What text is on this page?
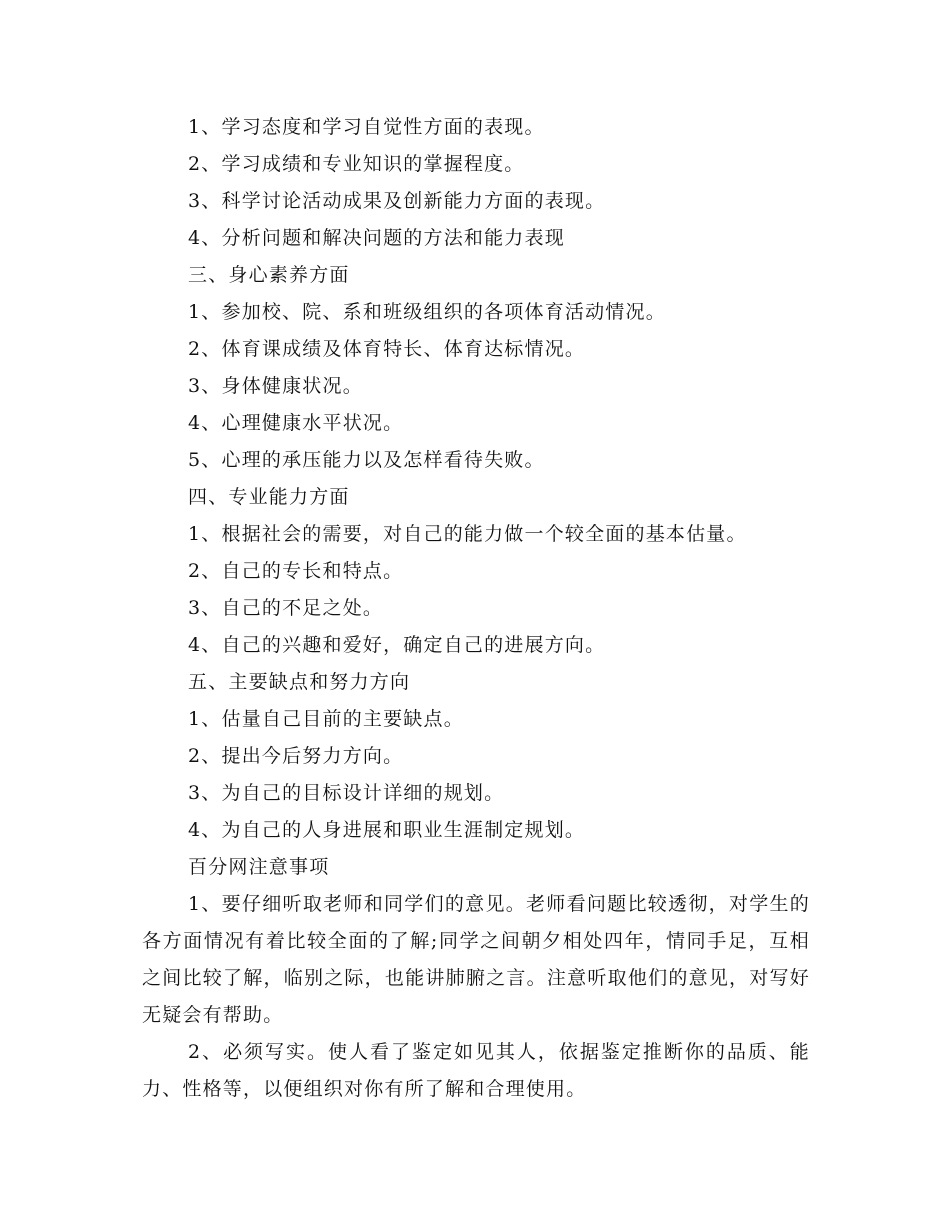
1、学习态度和学习自觉性方面的表现。
2、学习成绩和专业知识的掌握程度。
3、科学讨论活动成果及创新能力方面的表现。
4、分析问题和解决问题的方法和能力表现
三、身心素养方面
1、参加校、院、系和班级组织的各项体育活动情况。
2、体育课成绩及体育特长、体育达标情况。
3、身体健康状况。
4、心理健康水平状况。
5、心理的承压能力以及怎样看待失败。
四、专业能力方面
1、根据社会的需要，对自己的能力做一个较全面的基本估量。
2、自己的专长和特点。
3、自己的不足之处。
4、自己的兴趣和爱好，确定自己的进展方向。
五、主要缺点和努力方向
1、估量自己目前的主要缺点。
2、提出今后努力方向。
3、为自己的目标设计详细的规划。
4、为自己的人身进展和职业生涯制定规划。
百分网注意事项
1、要仔细听取老师和同学们的意见。老师看问题比较透彻，对学生的各方面情况有着比较全面的了解;同学之间朝夕相处四年，情同手足，互相之间比较了解，临别之际，也能讲肺腑之言。注意听取他们的意见，对写好无疑会有帮助。
2、必须写实。使人看了鉴定如见其人，依据鉴定推断你的品质、能力、性格等，以便组织对你有所了解和合理使用。
